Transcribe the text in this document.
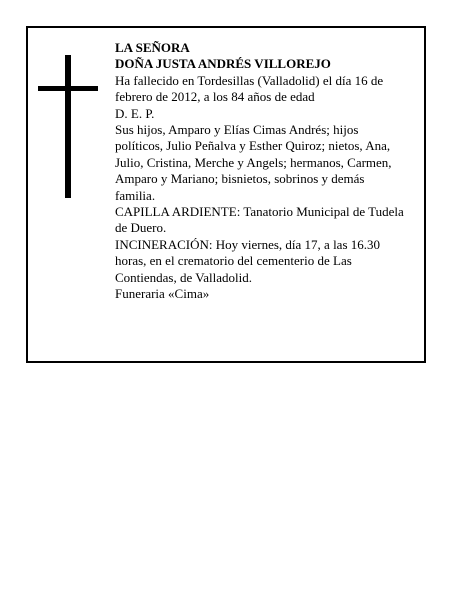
LA SEÑORA

DOÑA JUSTA ANDRÉS VILLOREJO

Ha fallecido en Tordesillas (Valladolid) el día 16 de febrero de 2012, a los 84 años de edad

D. E. P.

Sus hijos, Amparo y Elías Cimas Andrés; hijos políticos, Julio Peñalva y Esther Quiroz; nietos, Ana, Julio, Cristina, Merche y Angels; hermanos, Carmen, Amparo y Mariano; bisnietos, sobrinos y demás familia.

CAPILLA ARDIENTE: Tanatorio Municipal de Tudela de Duero.

INCINERACIÓN: Hoy viernes, día 17, a las 16.30 horas, en el crematorio del cementerio de Las Contiendas, de Valladolid.

Funeraria «Cima»
